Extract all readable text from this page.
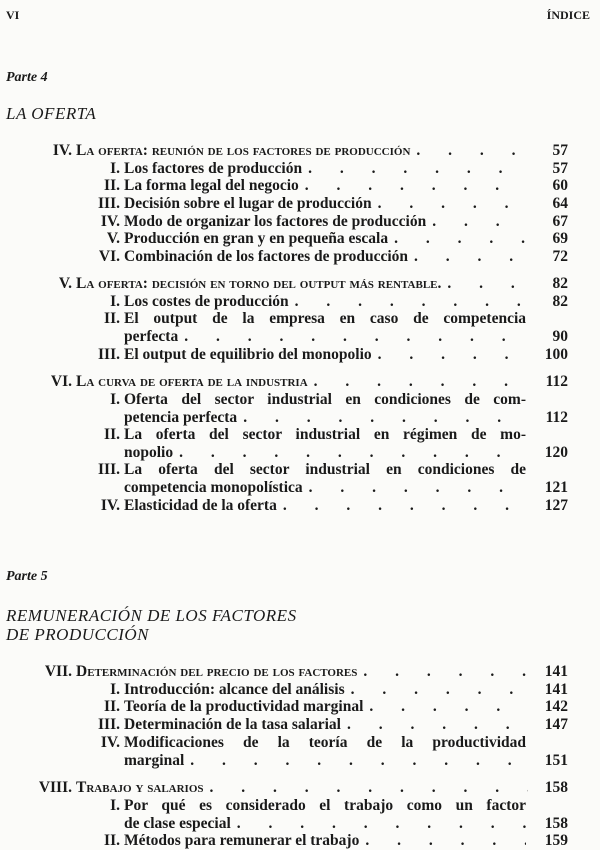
VI	ÍNDICE
Parte 4
LA OFERTA
IV. La oferta: reunión de los factores de producción . . .	57
I. Los factores de producción . . .	57
II. La forma legal del negocio . . .	60
III. Decisión sobre el lugar de producción . . .	64
IV. Modo de organizar los factores de producción . . .	67
V. Producción en gran y en pequeña escala . . .	69
VI. Combinación de los factores de producción . . .	72
V. La oferta: decisión en torno del output más rentable. . . .	82
I. Los costes de producción . . .	82
II. El output de la empresa en caso de competencia
perfecta . . .	90
III. El output de equilibrio del monopolio . . .	100
VI. La curva de oferta de la industria . . .	112
I. Oferta del sector industrial en condiciones de com-
petencia perfecta . . .	112
II. La oferta del sector industrial en régimen de mo-
nopolio . . .	120
III. La oferta del sector industrial en condiciones de
competencia monopolística . . .	121
IV. Elasticidad de la oferta . . .	127
Parte 5
REMUNERACIÓN DE LOS FACTORES
DE PRODUCCIÓN
VII. Determinación del precio de los factores . . .	141
I. Introducción: alcance del análisis . . .	141
II. Teoría de la productividad marginal . . .	142
III. Determinación de la tasa salarial . . .	147
IV. Modificaciones de la teoría de la productividad
marginal . . .	151
VIII. Trabajo y salarios . . .	158
I. Por qué es considerado el trabajo como un factor
de clase especial . . .	158
II. Métodos para remunerar el trabajo . . .	159
